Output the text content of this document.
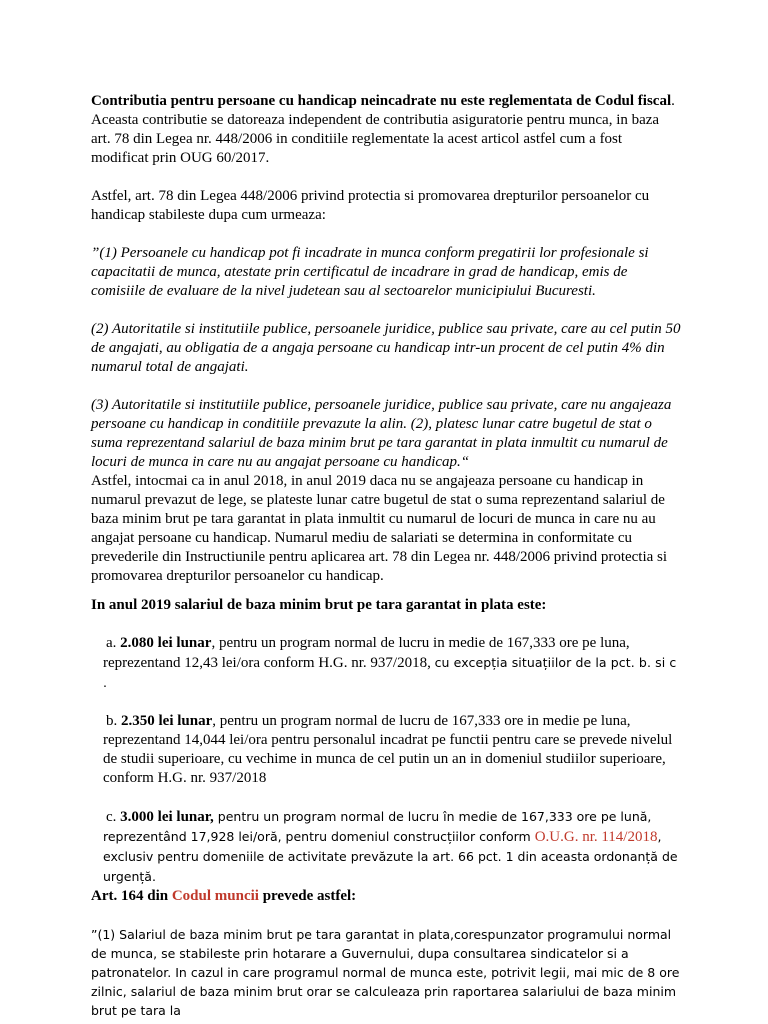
Contributia pentru persoane cu handicap neincadrate nu este reglementata de Codul fiscal. Aceasta contributie se datoreaza independent de contributia asiguratorie pentru munca, in baza art. 78 din Legea nr. 448/2006 in conditiile reglementate la acest articol astfel cum a fost modificat prin OUG 60/2017.

Astfel, art. 78 din Legea 448/2006 privind protectia si promovarea drepturilor persoanelor cu handicap stabileste dupa cum urmeaza:

”(1) Persoanele cu handicap pot fi incadrate in munca conform pregatirii lor profesionale si capacitatii de munca, atestate prin certificatul de incadrare in grad de handicap, emis de comisiile de evaluare de la nivel judetean sau al sectoarelor municipiului Bucuresti.

(2) Autoritatile si institutiile publice, persoanele juridice, publice sau private, care au cel putin 50 de angajati, au obligatia de a angaja persoane cu handicap intr-un procent de cel putin 4% din numarul total de angajati.

(3) Autoritatile si institutiile publice, persoanele juridice, publice sau private, care nu angajeaza persoane cu handicap in conditiile prevazute la alin. (2), platesc lunar catre bugetul de stat o suma reprezentand salariul de baza minim brut pe tara garantat in plata inmultit cu numarul de locuri de munca in care nu au angajat persoane cu handicap.“

Astfel, intocmai ca in anul 2018, in anul 2019 daca nu se angajeaza persoane cu handicap in numarul prevazut de lege, se plateste lunar catre bugetul de stat o suma reprezentand salariul de baza minim brut pe tara garantat in plata inmultit cu numarul de locuri de munca in care nu au angajat persoane cu handicap. Numarul mediu de salariati se determina in conformitate cu prevederile din Instructiunile pentru aplicarea art. 78 din Legea nr. 448/2006 privind protectia si promovarea drepturilor persoanelor cu handicap.

In anul 2019 salariul de baza minim brut pe tara garantat in plata este:

a. 2.080 lei lunar, pentru un program normal de lucru in medie de 167,333 ore pe luna, reprezentand 12,43 lei/ora conform H.G. nr. 937/2018, cu excepția situațiilor de la pct. b. si c .

b. 2.350 lei lunar, pentru un program normal de lucru de 167,333 ore in medie pe luna, reprezentand 14,044 lei/ora pentru personalul incadrat pe functii pentru care se prevede nivelul de studii superioare, cu vechime in munca de cel putin un an in domeniul studiilor superioare, conform H.G. nr. 937/2018

c. 3.000 lei lunar, pentru un program normal de lucru în medie de 167,333 ore pe lună, reprezentând 17,928 lei/oră, pentru domeniul construcțiilor conform O.U.G. nr. 114/2018, exclusiv pentru domeniile de activitate prevăzute la art. 66 pct. 1 din aceasta ordonanță de urgență.

Art. 164 din Codul muncii prevede astfel:

”(1) Salariul de baza minim brut pe tara garantat in plata,corespunzator programului normal de munca, se stabileste prin hotarare a Guvernului, dupa consultarea sindicatelor si a patronatelor. In cazul in care programul normal de munca este, potrivit legii, mai mic de 8 ore zilnic, salariul de baza minim brut orar se calculeaza prin raportarea salariului de baza minim brut pe tara la
